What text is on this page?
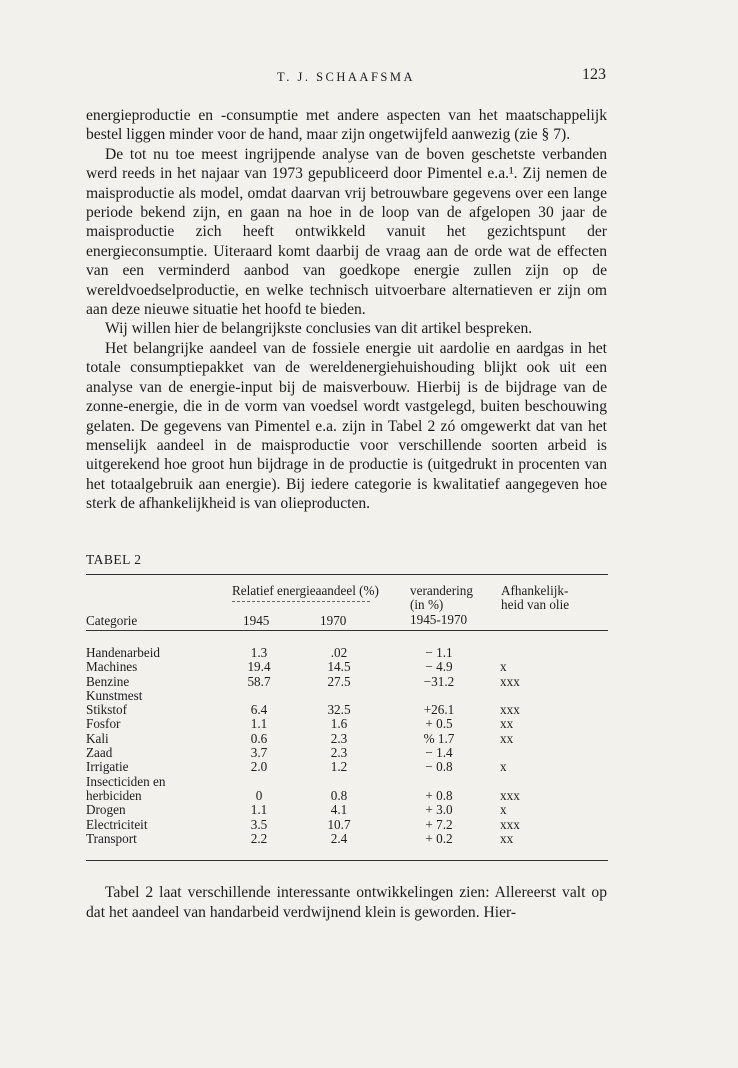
T. J. SCHAAFSMA	123

energieproductie en -consumptie met andere aspecten van het maatschappelijk bestel liggen minder voor de hand, maar zijn ongetwijfeld aanwezig (zie § 7).

De tot nu toe meest ingrijpende analyse van de boven geschetste verbanden werd reeds in het najaar van 1973 gepubliceerd door Pimentel e.a.¹. Zij nemen de maisproductie als model, omdat daarvan vrij betrouwbare gegevens over een lange periode bekend zijn, en gaan na hoe in de loop van de afgelopen 30 jaar de maisproductie zich heeft ontwikkeld vanuit het gezichtspunt der energieconsumptie. Uiteraard komt daarbij de vraag aan de orde wat de effecten van een verminderd aanbod van goedkope energie zullen zijn op de wereldvoedselproductie, en welke technisch uitvoerbare alternatieven er zijn om aan deze nieuwe situatie het hoofd te bieden.

Wij willen hier de belangrijkste conclusies van dit artikel bespreken.

Het belangrijke aandeel van de fossiele energie uit aardolie en aardgas in het totale consumptiepakket van de wereldenergiehuishouding blijkt ook uit een analyse van de energie-input bij de maisverbouw. Hierbij is de bijdrage van de zonne-energie, die in de vorm van voedsel wordt vastgelegd, buiten beschouwing gelaten. De gegevens van Pimentel e.a. zijn in Tabel 2 zó omgewerkt dat van het menselijk aandeel in de maisproductie voor verschillende soorten arbeid is uitgerekend hoe groot hun bijdrage in de productie is (uitgedrukt in procenten van het totaalgebruik aan energie). Bij iedere categorie is kwalitatief aangegeven hoe sterk de afhankelijkheid is van olieproducten.

TABEL 2
Relatief energieaandeel (%) verandering
(in %)
1945-1970
Afhankelijk-
heid van olie
Categorie	1945	1970
Handenarbeid	1.3	.02	− 1.1
Machines	19.4	14.5	− 4.9	x
Benzine	58.7	27.5	−31.2	xxx
Kunstmest
Stikstof	6.4	32.5	+26.1	xxx
Fosfor	1.1	1.6	+ 0.5	xx
Kali	0.6	2.3	% 1.7	xx
Zaad	3.7	2.3	− 1.4
Irrigatie	2.0	1.2	− 0.8	x
Insecticiden en
herbiciden	0	0.8	+ 0.8	xxx
Drogen	1.1	4.1	+ 3.0	x
Electriciteit	3.5	10.7	+ 7.2	xxx
Transport	2.2	2.4	+ 0.2	xx

Tabel 2 laat verschillende interessante ontwikkelingen zien: Allereerst valt op dat het aandeel van handarbeid verdwijnend klein is geworden. Hier-
